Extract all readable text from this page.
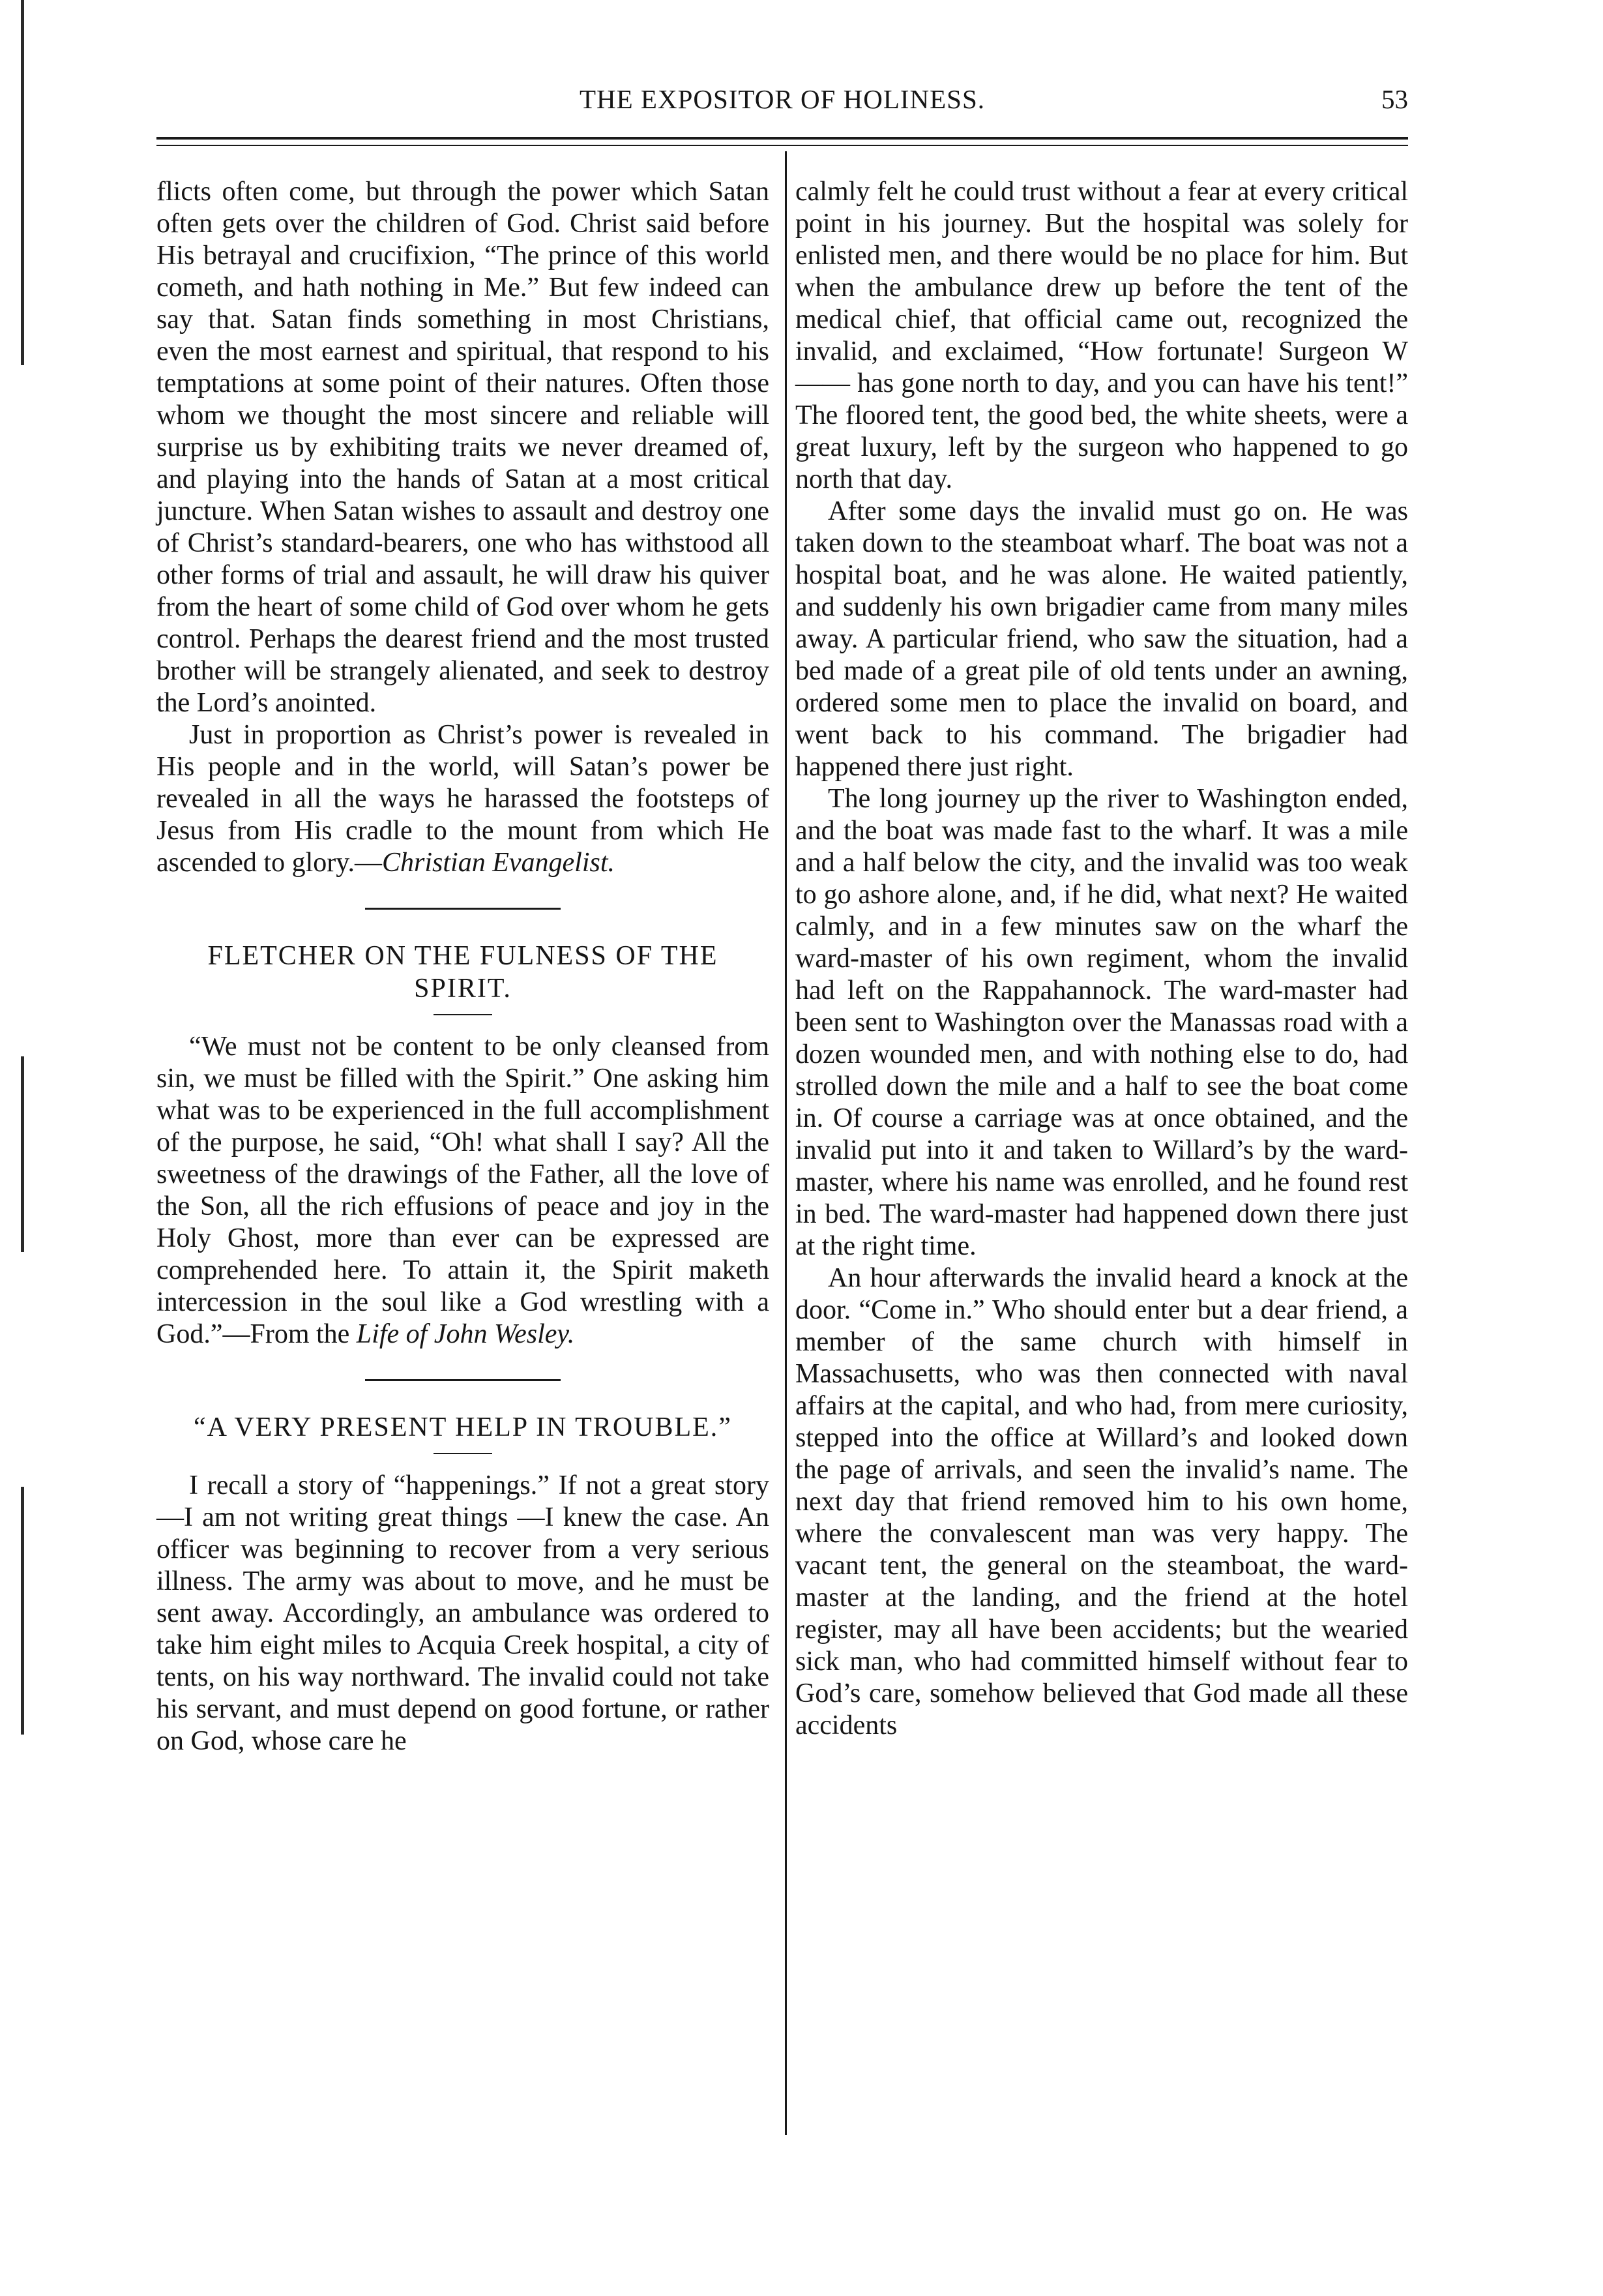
THE EXPOSITOR OF HOLINESS.	53

flicts often come, but through the power which Satan often gets over the children of God. Christ said before His betrayal and crucifixion, “The prince of this world cometh, and hath nothing in Me.” But few indeed can say that. Satan finds something in most Christians, even the most earnest and spiritual, that respond to his temptations at some point of their natures. Often those whom we thought the most sincere and reliable will surprise us by exhibiting traits we never dreamed of, and playing into the hands of Satan at a most critical juncture. When Satan wishes to assault and destroy one of Christ’s standard-bearers, one who has withstood all other forms of trial and assault, he will draw his quiver from the heart of some child of God over whom he gets control. Perhaps the dearest friend and the most trusted brother will be strangely alienated, and seek to destroy the Lord’s anointed.

Just in proportion as Christ’s power is revealed in His people and in the world, will Satan’s power be revealed in all the ways he harassed the footsteps of Jesus from His cradle to the mount from which He ascended to glory.—Christian Evangelist.

FLETCHER ON THE FULNESS OF THE SPIRIT.

“We must not be content to be only cleansed from sin, we must be filled with the Spirit.” One asking him what was to be experienced in the full accomplishment of the purpose, he said, “Oh! what shall I say? All the sweetness of the drawings of the Father, all the love of the Son, all the rich effusions of peace and joy in the Holy Ghost, more than ever can be expressed are comprehended here. To attain it, the Spirit maketh intercession in the soul like a God wrestling with a God.”—From the Life of John Wesley.

“A VERY PRESENT HELP IN TROUBLE.”

I recall a story of “happenings.” If not a great story—I am not writing great things —I knew the case. An officer was beginning to recover from a very serious illness. The army was about to move, and he must be sent away. Accordingly, an ambulance was ordered to take him eight miles to Acquia Creek hospital, a city of tents, on his way northward. The invalid could not take his servant, and must depend on good fortune, or rather on God, whose care he

calmly felt he could trust without a fear at every critical point in his journey. But the hospital was solely for enlisted men, and there would be no place for him. But when the ambulance drew up before the tent of the medical chief, that official came out, recognized the invalid, and exclaimed, “How fortunate! Surgeon W—— has gone north to day, and you can have his tent!” The floored tent, the good bed, the white sheets, were a great luxury, left by the surgeon who happened to go north that day.

After some days the invalid must go on. He was taken down to the steamboat wharf. The boat was not a hospital boat, and he was alone. He waited patiently, and suddenly his own brigadier came from many miles away. A particular friend, who saw the situation, had a bed made of a great pile of old tents under an awning, ordered some men to place the invalid on board, and went back to his command. The brigadier had happened there just right.

The long journey up the river to Washington ended, and the boat was made fast to the wharf. It was a mile and a half below the city, and the invalid was too weak to go ashore alone, and, if he did, what next? He waited calmly, and in a few minutes saw on the wharf the ward-master of his own regiment, whom the invalid had left on the Rappahannock. The ward-master had been sent to Washington over the Manassas road with a dozen wounded men, and with nothing else to do, had strolled down the mile and a half to see the boat come in. Of course a carriage was at once obtained, and the invalid put into it and taken to Willard’s by the ward-master, where his name was enrolled, and he found rest in bed. The ward-master had happened down there just at the right time.

An hour afterwards the invalid heard a knock at the door. “Come in.” Who should enter but a dear friend, a member of the same church with himself in Massachusetts, who was then connected with naval affairs at the capital, and who had, from mere curiosity, stepped into the office at Willard’s and looked down the page of arrivals, and seen the invalid’s name. The next day that friend removed him to his own home, where the convalescent man was very happy. The vacant tent, the general on the steamboat, the ward-master at the landing, and the friend at the hotel register, may all have been accidents; but the wearied sick man, who had committed himself without fear to God’s care, somehow believed that God made all these accidents
